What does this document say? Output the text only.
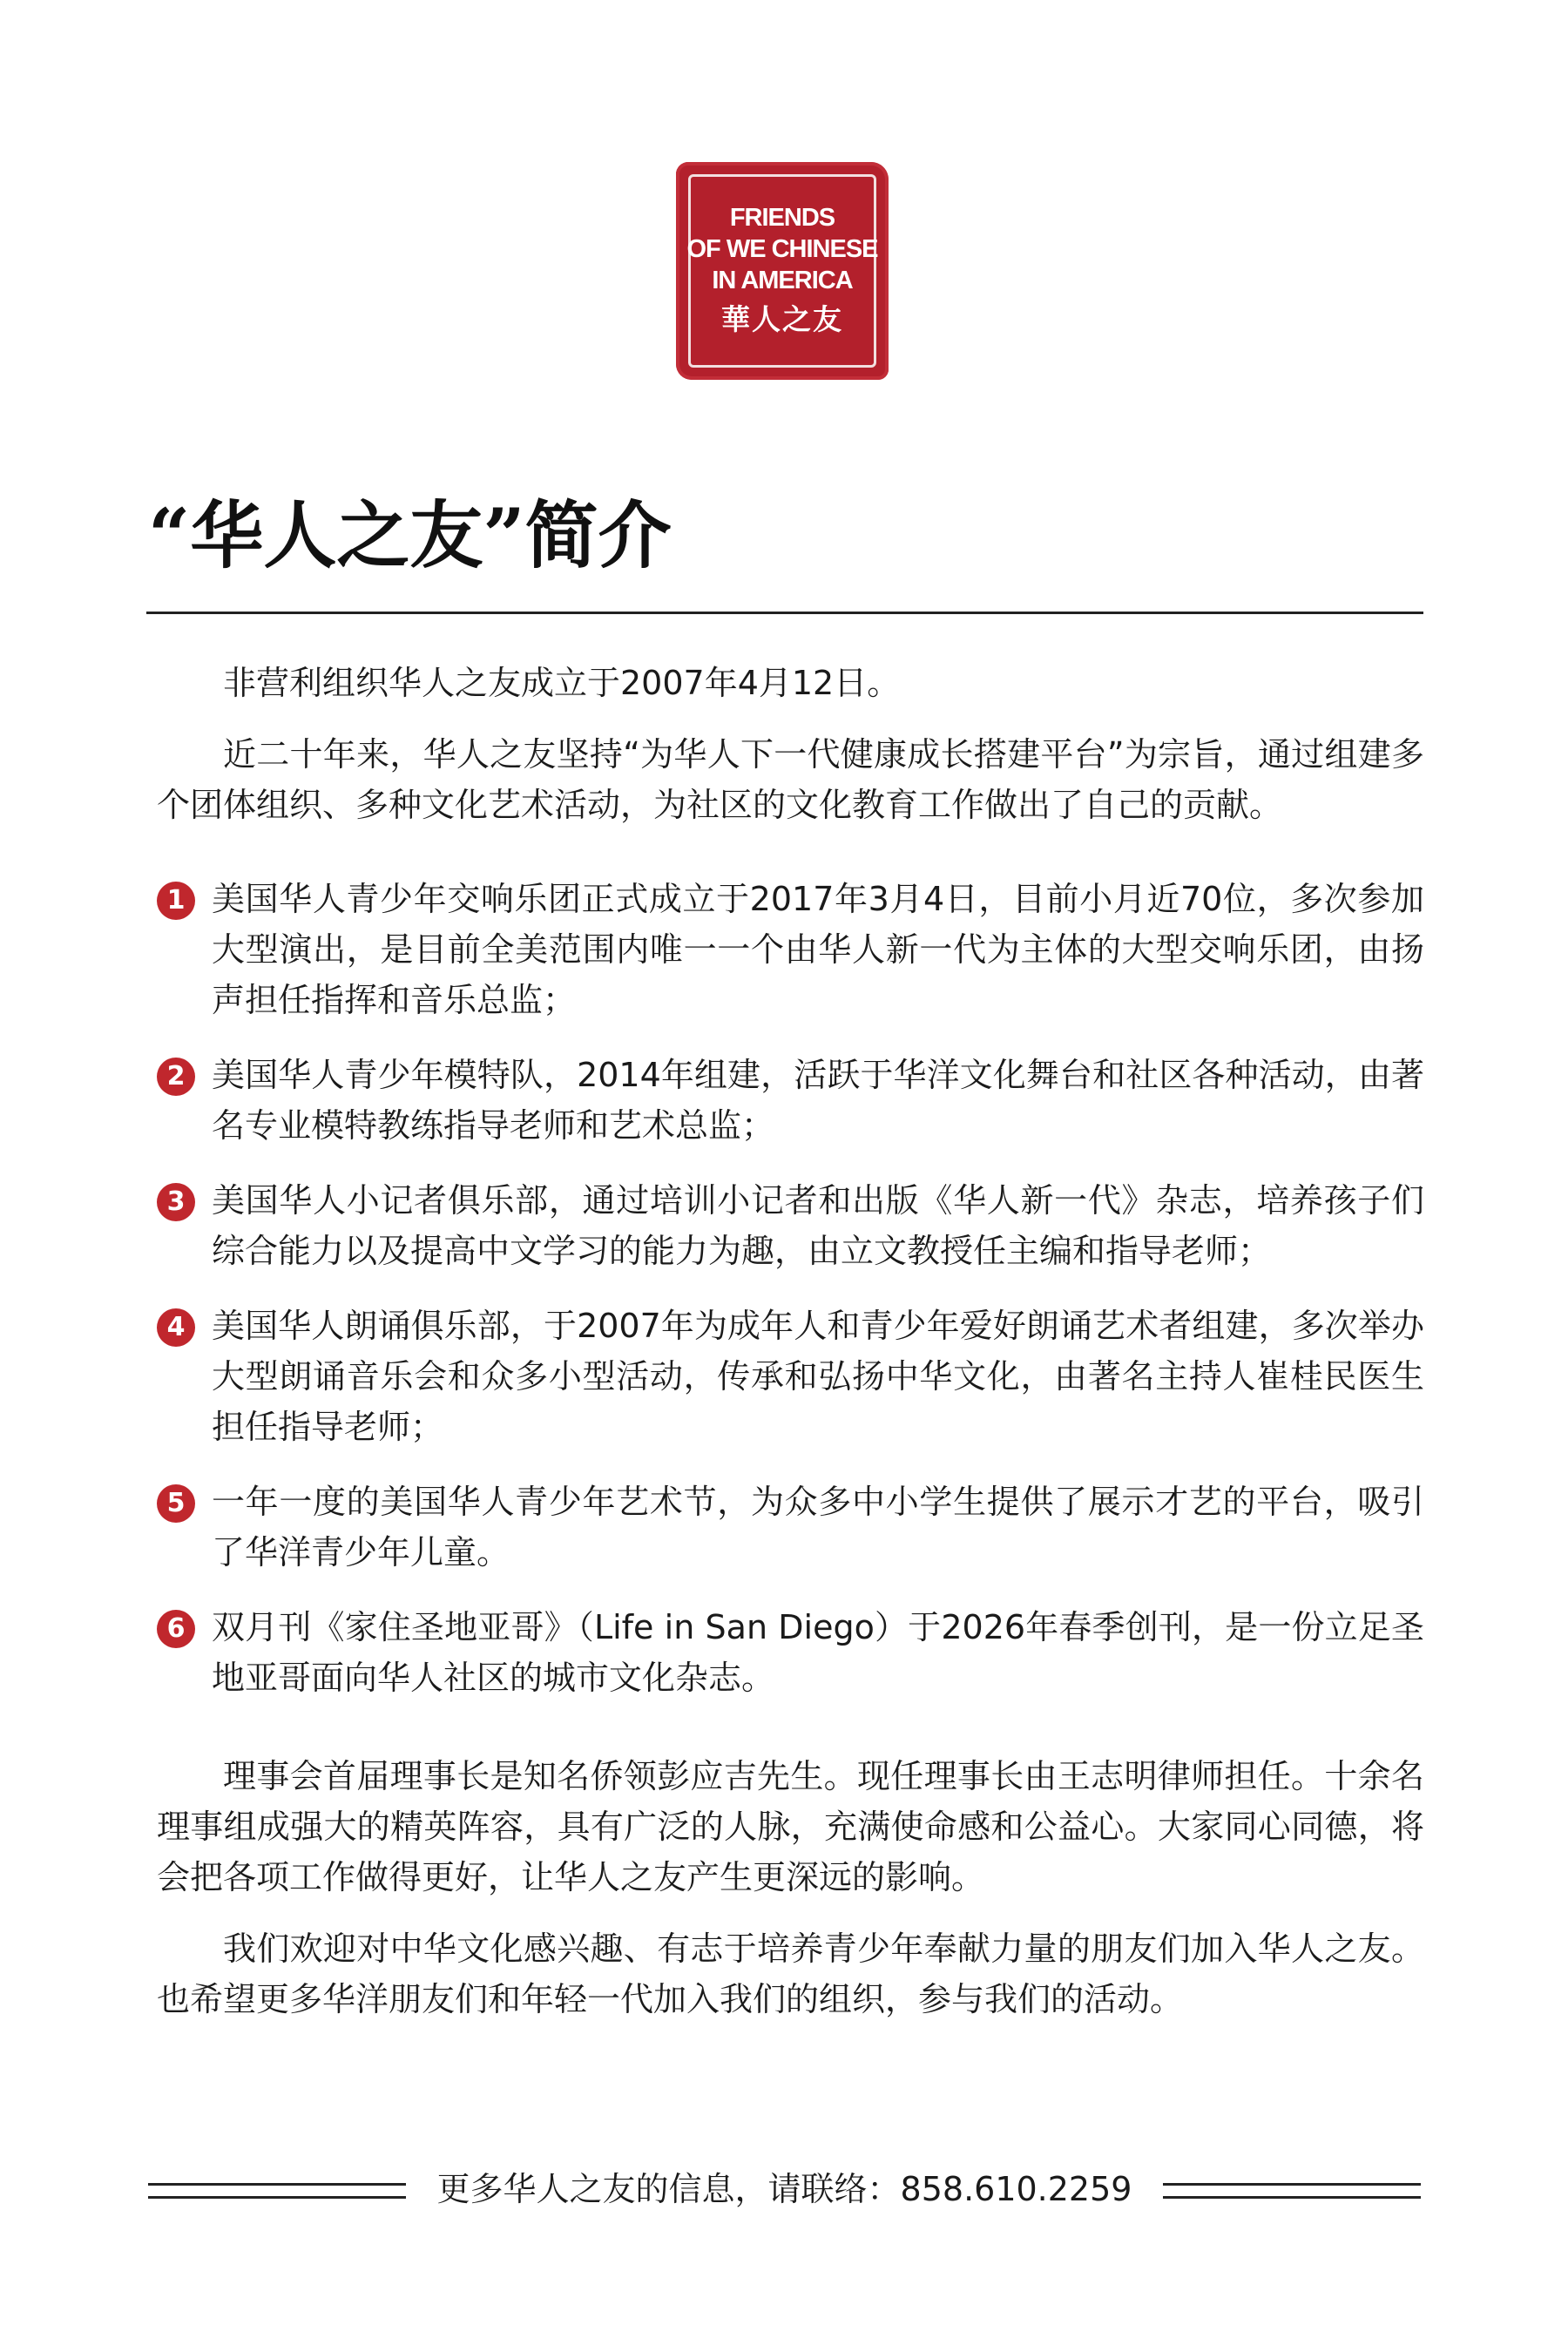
FRIENDS
OF WE CHINESE
IN AMERICA
華人之友
“华人之友”简介

非营利组织华人之友成立于2007年4月12日。

近二十年来，华人之友坚持“为华人下一代健康成长搭建平台”为宗旨，通过组建多个团体组织、多种文化艺术活动，为社区的文化教育工作做出了自己的贡献。

1 美国华人青少年交响乐团正式成立于2017年3月4日，目前小月近70位，多次参加大型演出，是目前全美范围内唯一一个由华人新一代为主体的大型交响乐团，由扬声担任指挥和音乐总监；
2 美国华人青少年模特队，2014年组建，活跃于华洋文化舞台和社区各种活动，由著名专业模特教练指导老师和艺术总监；
3 美国华人小记者俱乐部，通过培训小记者和出版《华人新一代》杂志，培养孩子们综合能力以及提高中文学习的能力为趣，由立文教授任主编和指导老师；
4 美国华人朗诵俱乐部，于2007年为成年人和青少年爱好朗诵艺术者组建，多次举办大型朗诵音乐会和众多小型活动，传承和弘扬中华文化，由著名主持人崔桂民医生担任指导老师；
5 一年一度的美国华人青少年艺术节，为众多中小学生提供了展示才艺的平台，吸引了华洋青少年儿童。
6 双月刊《家住圣地亚哥》（Life in San Diego）于2026年春季创刊，是一份立足圣地亚哥面向华人社区的城市文化杂志。

理事会首届理事长是知名侨领彭应吉先生。现任理事长由王志明律师担任。十余名理事组成强大的精英阵容，具有广泛的人脉，充满使命感和公益心。大家同心同德，将会把各项工作做得更好，让华人之友产生更深远的影响。

我们欢迎对中华文化感兴趣、有志于培养青少年奉献力量的朋友们加入华人之友。也希望更多华洋朋友们和年轻一代加入我们的组织，参与我们的活动。

更多华人之友的信息，请联络：858.610.2259
